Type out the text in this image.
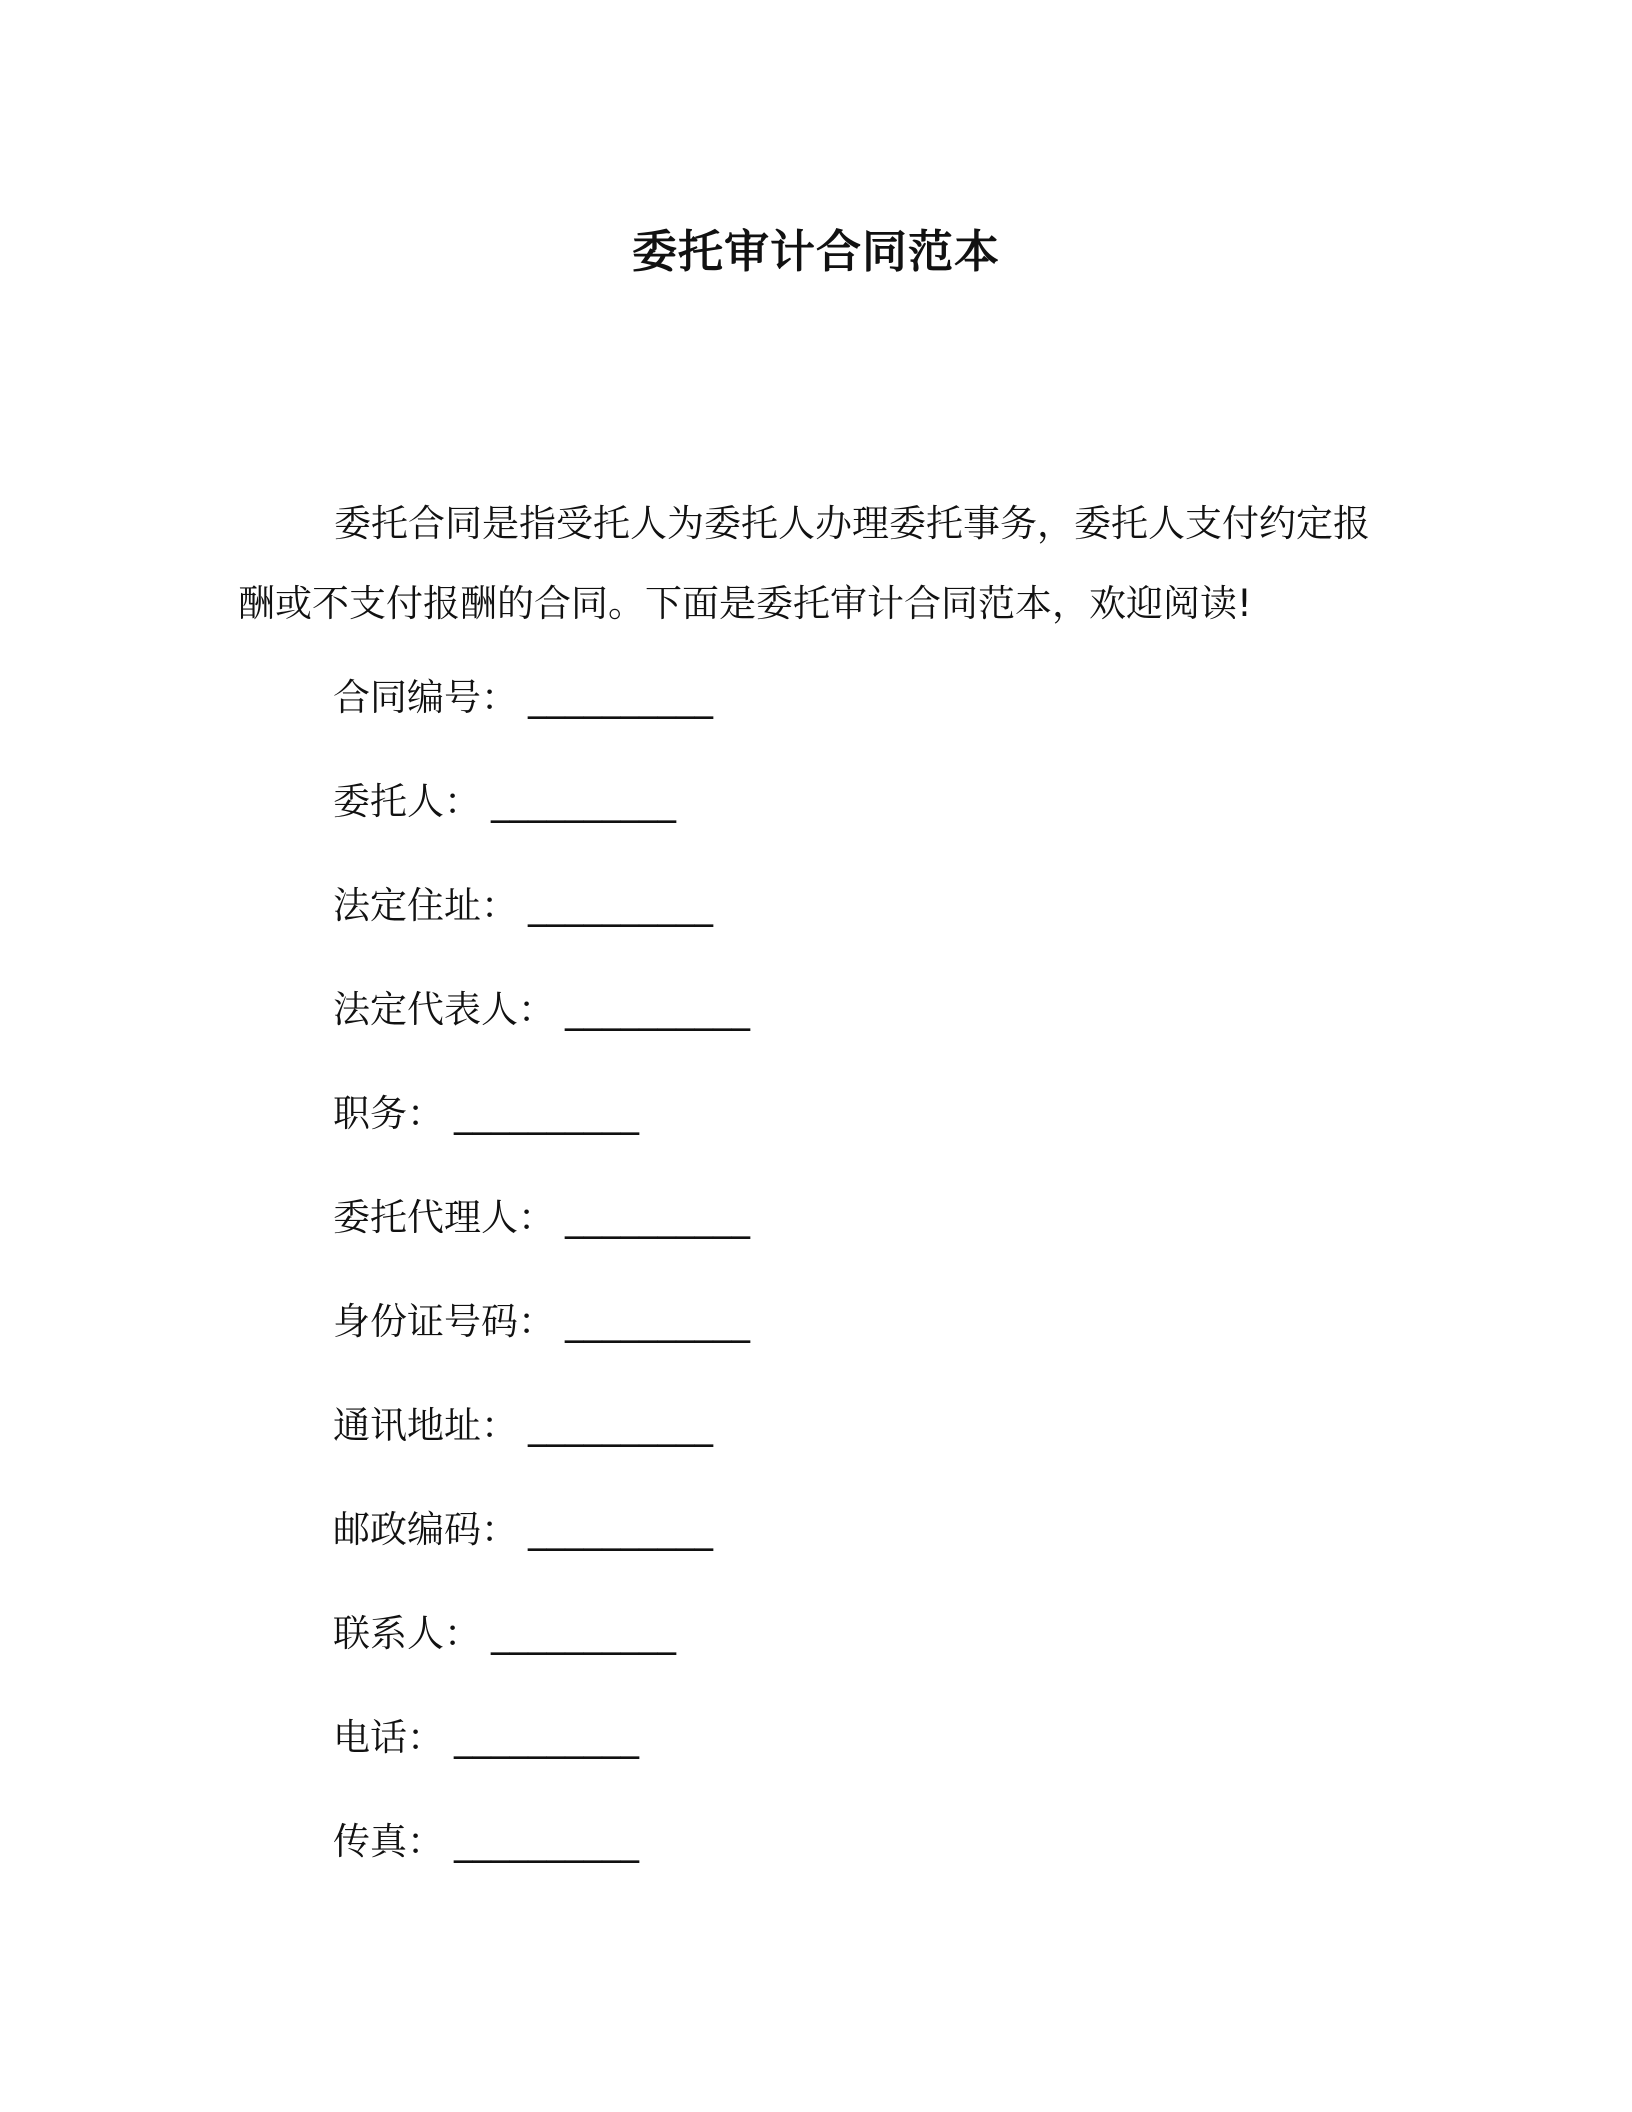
委托审计合同范本

委托合同是指受托人为委托人办理委托事务，委托人支付约定报酬或不支付报酬的合同。下面是委托审计合同范本，欢迎阅读!

合同编号： __________
委托人： __________
法定住址： __________
法定代表人： __________
职务： __________
委托代理人： __________
身份证号码： __________
通讯地址： __________
邮政编码： __________
联系人： __________
电话： __________
传真： __________
